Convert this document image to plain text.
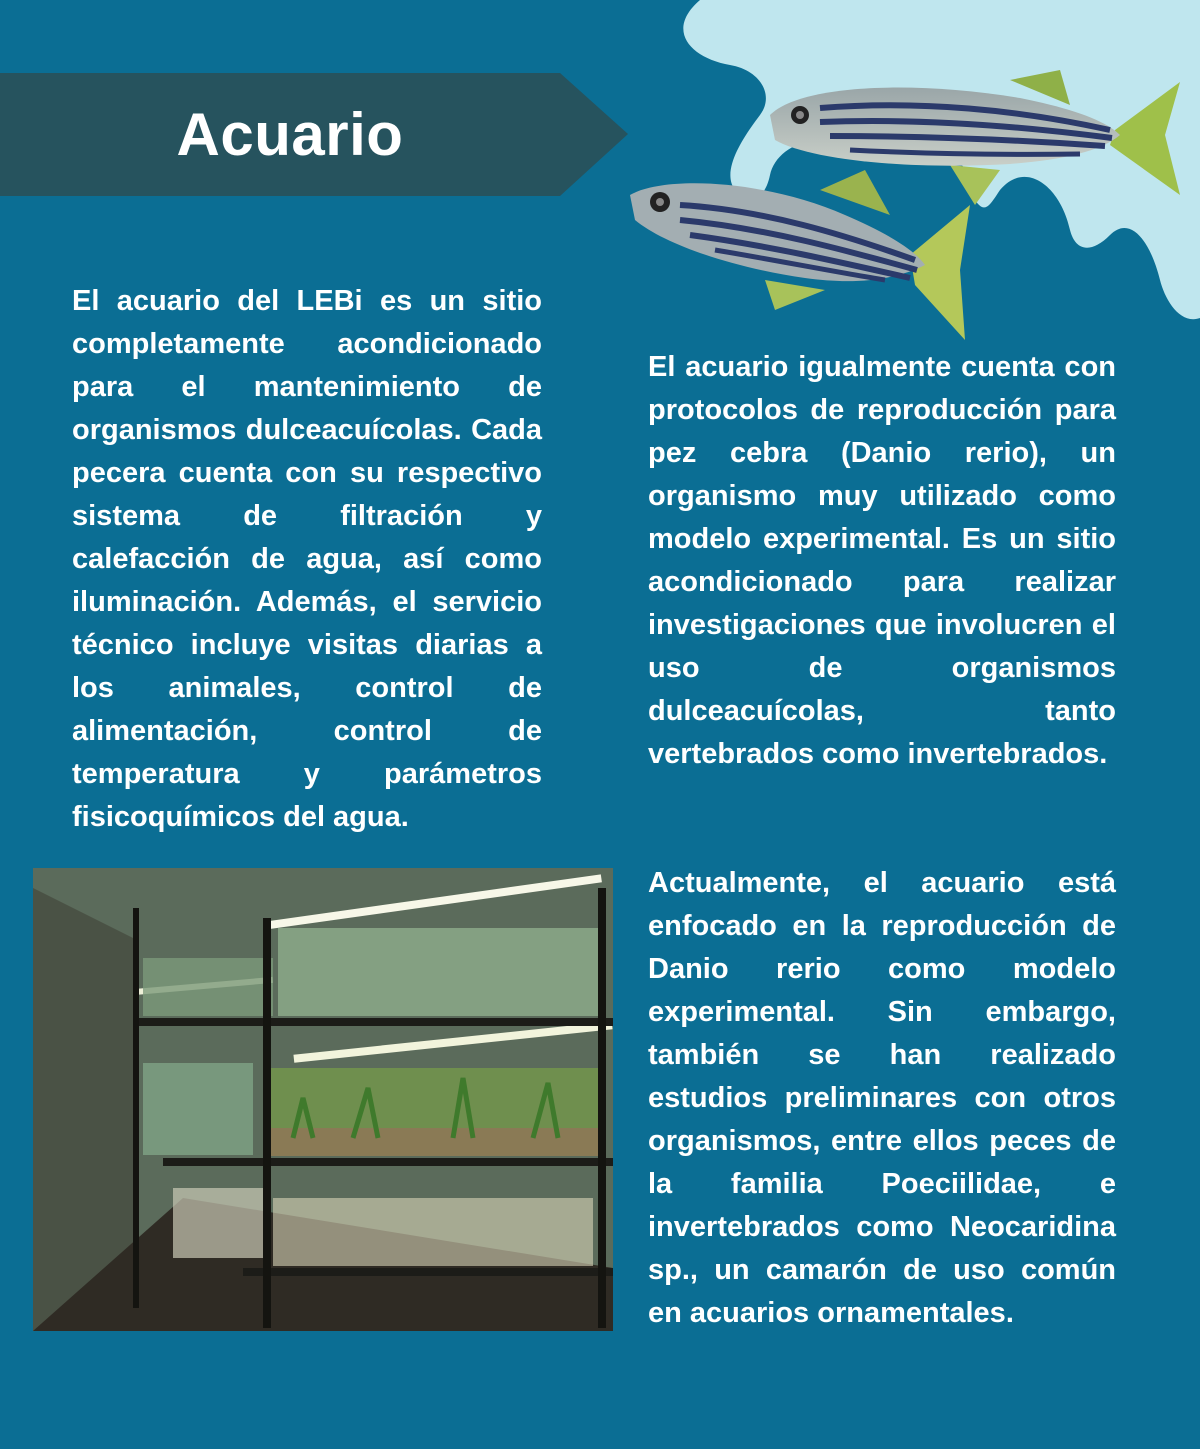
Acuario

El acuario del LEBi es un sitio completamente acondicionado para el mantenimiento de organismos dulceacuícolas. Cada pecera cuenta con su respectivo sistema de filtración y calefacción de agua, así como iluminación. Además, el servicio técnico incluye visitas diarias a los animales, control de alimentación, control de temperatura y parámetros fisicoquímicos del agua.

El acuario igualmente cuenta con protocolos de reproducción para pez cebra (Danio rerio), un organismo muy utilizado como modelo experimental. Es un sitio acondicionado para realizar investigaciones que involucren el uso de organismos dulceacuícolas, tanto vertebrados como invertebrados.

Actualmente, el acuario está enfocado en la reproducción de Danio rerio como modelo experimental. Sin embargo, también se han realizado estudios preliminares con otros organismos, entre ellos peces de la familia Poeciilidae, e invertebrados como Neocaridina sp., un camarón de uso común en acuarios ornamentales.
